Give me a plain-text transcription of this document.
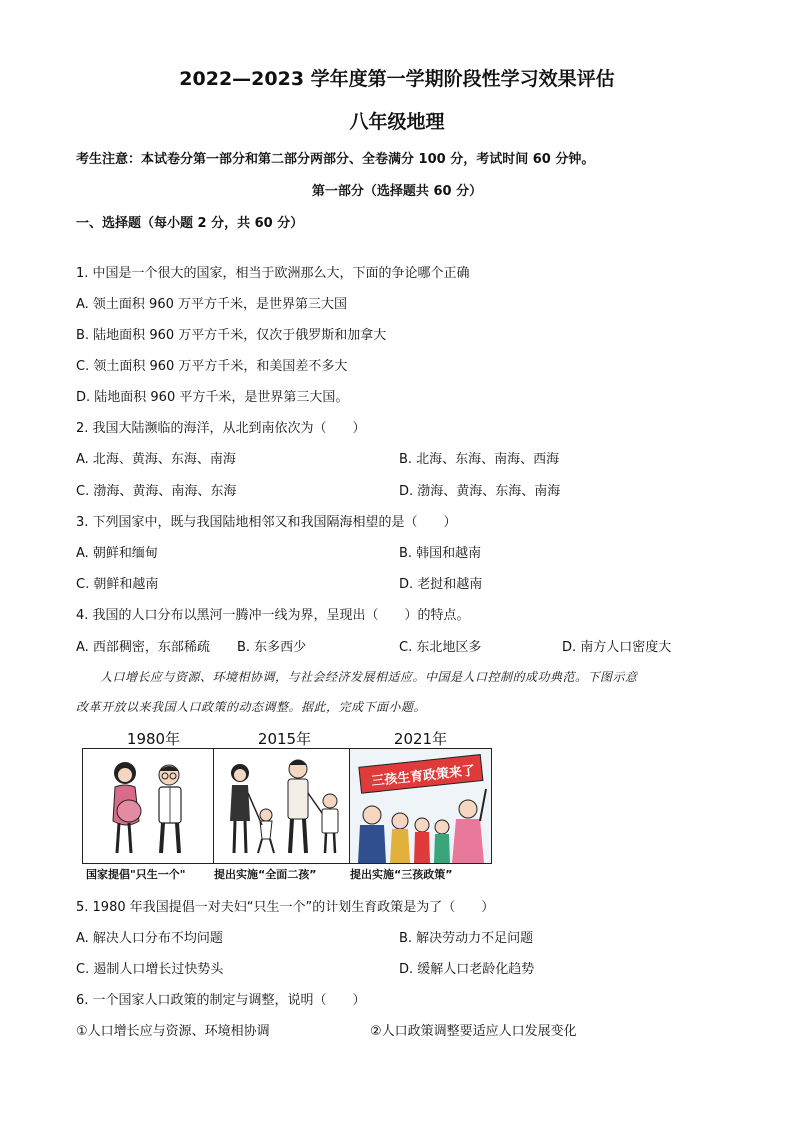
2022—2023 学年度第一学期阶段性学习效果评估
八年级地理
考生注意：本试卷分第一部分和第二部分两部分、全卷满分 100 分，考试时间 60 分钟。
第一部分（选择题共 60 分）
一、选择题（每小题 2 分，共 60 分）
1. 中国是一个很大的国家，相当于欧洲那么大，下面的争论哪个正确
A. 领土面积 960 万平方千米，是世界第三大国
B. 陆地面积 960 万平方千米，仅次于俄罗斯和加拿大
C. 领土面积 960 万平方千米，和美国差不多大
D. 陆地面积 960 平方千米，是世界第三大国。
2. 我国大陆濒临的海洋，从北到南依次为（　　）
A. 北海、黄海、东海、南海	B. 北海、东海、南海、西海
C. 渤海、黄海、南海、东海	D. 渤海、黄海、东海、南海
3. 下列国家中，既与我国陆地相邻又和我国隔海相望的是（　　）
A. 朝鲜和缅甸	B. 韩国和越南
C. 朝鲜和越南	D. 老挝和越南
4. 我国的人口分布以黑河一腾冲一线为界，呈现出（　　）的特点。
A. 西部稠密，东部稀疏 B. 东多西少	C. 东北地区多	D. 南方人口密度大
人口增长应与资源、环境相协调，与社会经济发展相适应。中国是人口控制的成功典范。下图示意
改革开放以来我国人口政策的动态调整。据此，完成下面小题。
1980年	2015年	2021年
三孩生育政策来了
国家提倡"只生一个"	提出实施“全面二孩”	提出实施“三孩政策”
5. 1980 年我国提倡一对夫妇“只生一个”的计划生育政策是为了（　　）
A. 解决人口分布不均问题	B. 解决劳动力不足问题
C. 遏制人口增长过快势头	D. 缓解人口老龄化趋势
6. 一个国家人口政策的制定与调整，说明（　　）
①人口增长应与资源、环境相协调	②人口政策调整要适应人口发展变化
